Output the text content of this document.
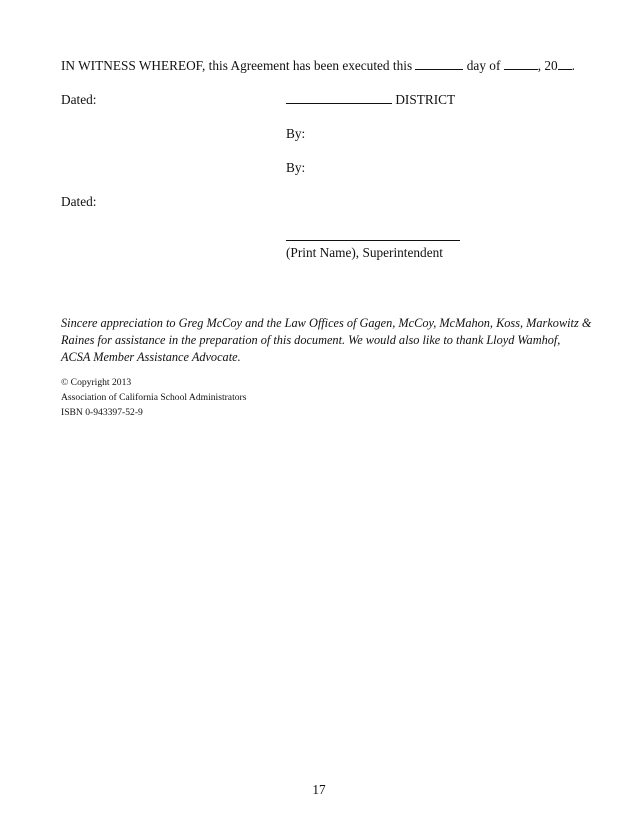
IN WITNESS WHEREOF, this Agreement has been executed this	day of	, 20 .
Dated:	DISTRICT
By:
By:
Dated:
(Print Name), Superintendent
Sincere appreciation to Greg McCoy and the Law Offices of Gagen, McCoy, McMahon, Koss, Markowitz &
Raines for assistance in the preparation of this document. We would also like to thank Lloyd Wamhof,
ACSA Member Assistance Advocate.
© Copyright 2013
Association of California School Administrators
ISBN 0-943397-52-9
17
